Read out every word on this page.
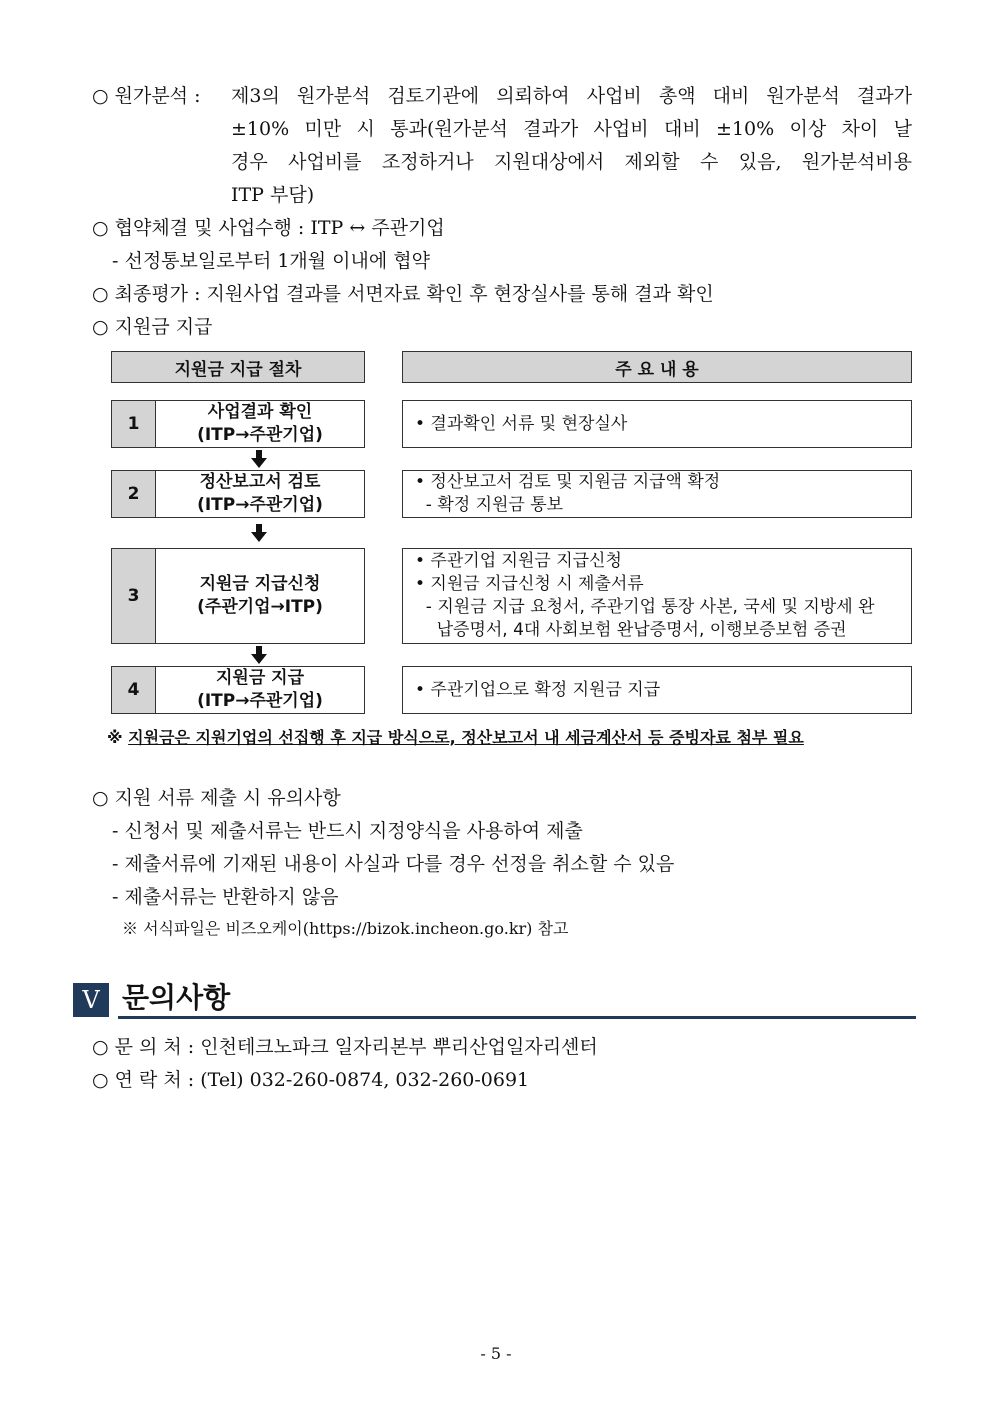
○ 원가분석 : 제3의 원가분석 검토기관에 의뢰하여 사업비 총액 대비 원가분석 결과가
±10% 미만 시 통과(원가분석 결과가 사업비 대비 ±10% 이상 차이 날
경우 사업비를 조정하거나 지원대상에서 제외할 수 있음, 원가분석비용
ITP 부담)
○ 협약체결 및 사업수행 : ITP ↔ 주관기업
- 선정통보일로부터 1개월 이내에 협약
○ 최종평가 : 지원사업 결과를 서면자료 확인 후 현장실사를 통해 결과 확인
○ 지원금 지급
지원금 지급 절차	주 요 내 용
1
사업결과 확인
(ITP→주관기업)
• 결과확인 서류 및 현장실사
2
정산보고서 검토
(ITP→주관기업)
• 정산보고서 검토 및 지원금 지급액 확정
- 확정 지원금 통보
3
지원금 지급신청
(주관기업→ITP)
• 주관기업 지원금 지급신청
• 지원금 지급신청 시 제출서류
- 지원금 지급 요청서, 주관기업 통장 사본, 국세 및 지방세 완
납증명서, 4대 사회보험 완납증명서, 이행보증보험 증권
4
지원금 지급
(ITP→주관기업)
• 주관기업으로 확정 지원금 지급
※ 지원금은 지원기업의 선집행 후 지급 방식으로, 정산보고서 내 세금계산서 등 증빙자료 첨부 필요
○ 지원 서류 제출 시 유의사항
- 신청서 및 제출서류는 반드시 지정양식을 사용하여 제출
- 제출서류에 기재된 내용이 사실과 다를 경우 선정을 취소할 수 있음
- 제출서류는 반환하지 않음
※ 서식파일은 비즈오케이(https://bizok.incheon.go.kr) 참고
V 문의사항
○ 문 의 처 : 인천테크노파크 일자리본부 뿌리산업일자리센터
○ 연 락 처 : (Tel) 032-260-0874, 032-260-0691
- 5 -
